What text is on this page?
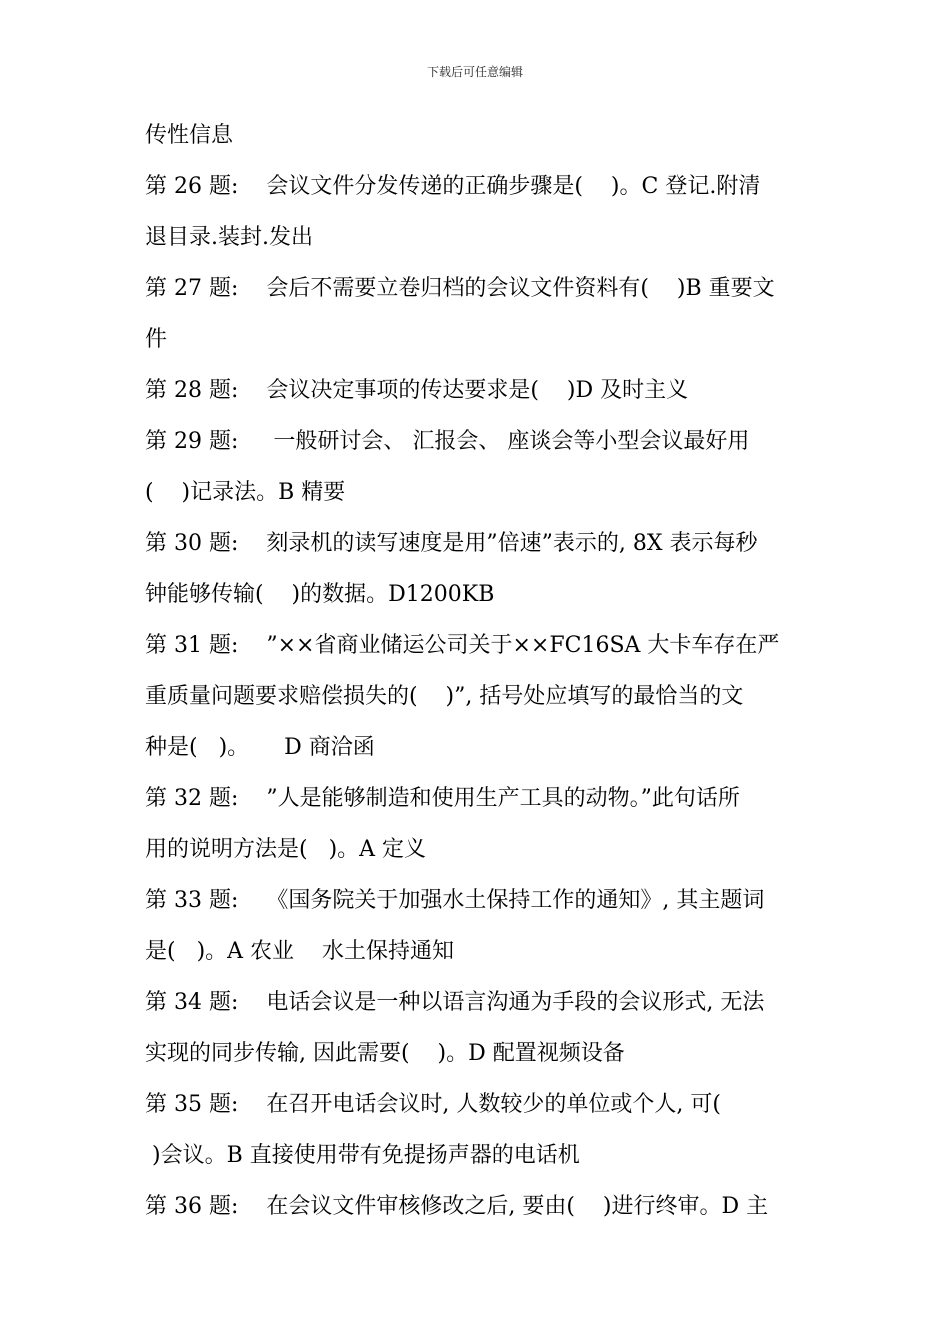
下载后可任意编辑
传性信息
第 26 题:    会议文件分发传递的正确步骤是(    )。C 登记.附清
退目录.装封.发出
第 27 题:    会后不需要立卷归档的会议文件资料有(    )B 重要文
件
第 28 题:    会议决定事项的传达要求是(    )D 及时主义
第 29 题:     一般研讨会、 汇报会、 座谈会等小型会议最好用
(    )记录法。B 精要
第 30 题:    刻录机的读写速度是用”倍速”表示的, 8X 表示每秒
钟能够传输(    )的数据。D1200KB
第 31 题:    ”××省商业储运公司关于××FC16SA 大卡车存在严
重质量问题要求赔偿损失的(    )”, 括号处应填写的最恰当的文
种是(   )。     D 商洽函
第 32 题:    ”人是能够制造和使用生产工具的动物。”此句话所
用的说明方法是(   )。A 定义
第 33 题:    《国务院关于加强水土保持工作的通知》, 其主题词
是(   )。A 农业    水土保持通知
第 34 题:    电话会议是一种以语言沟通为手段的会议形式, 无法
实现的同步传输, 因此需要(    )。D 配置视频设备
第 35 题:    在召开电话会议时, 人数较少的单位或个人, 可(
)会议。B 直接使用带有免提扬声器的电话机
第 36 题:    在会议文件审核修改之后, 要由(    )进行终审。D 主
